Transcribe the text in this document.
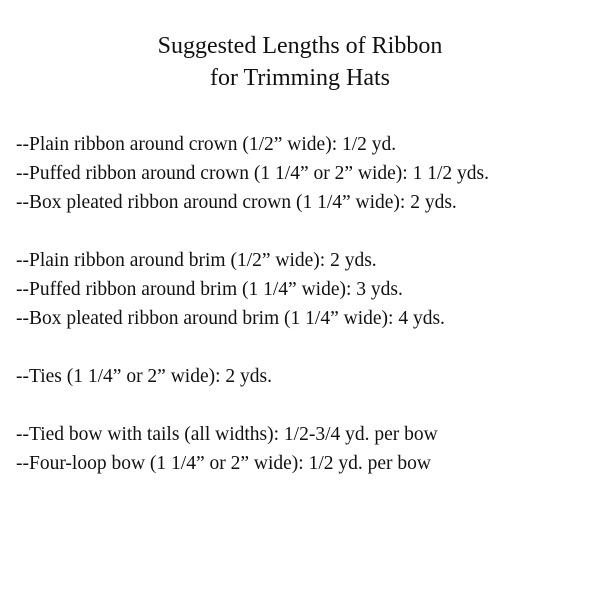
Suggested Lengths of Ribbon
for Trimming Hats
--Plain ribbon around crown (1/2” wide): 1/2 yd.
--Puffed ribbon around crown (1 1/4” or 2” wide): 1 1/2 yds.
--Box pleated ribbon around crown (1 1/4” wide): 2 yds.
--Plain ribbon around brim (1/2” wide): 2 yds.
--Puffed ribbon around brim (1 1/4” wide): 3 yds.
--Box pleated ribbon around brim (1 1/4” wide): 4 yds.
--Ties (1 1/4” or 2” wide): 2 yds.
--Tied bow with tails (all widths): 1/2-3/4 yd. per bow
--Four-loop bow (1 1/4” or 2” wide): 1/2 yd. per bow
